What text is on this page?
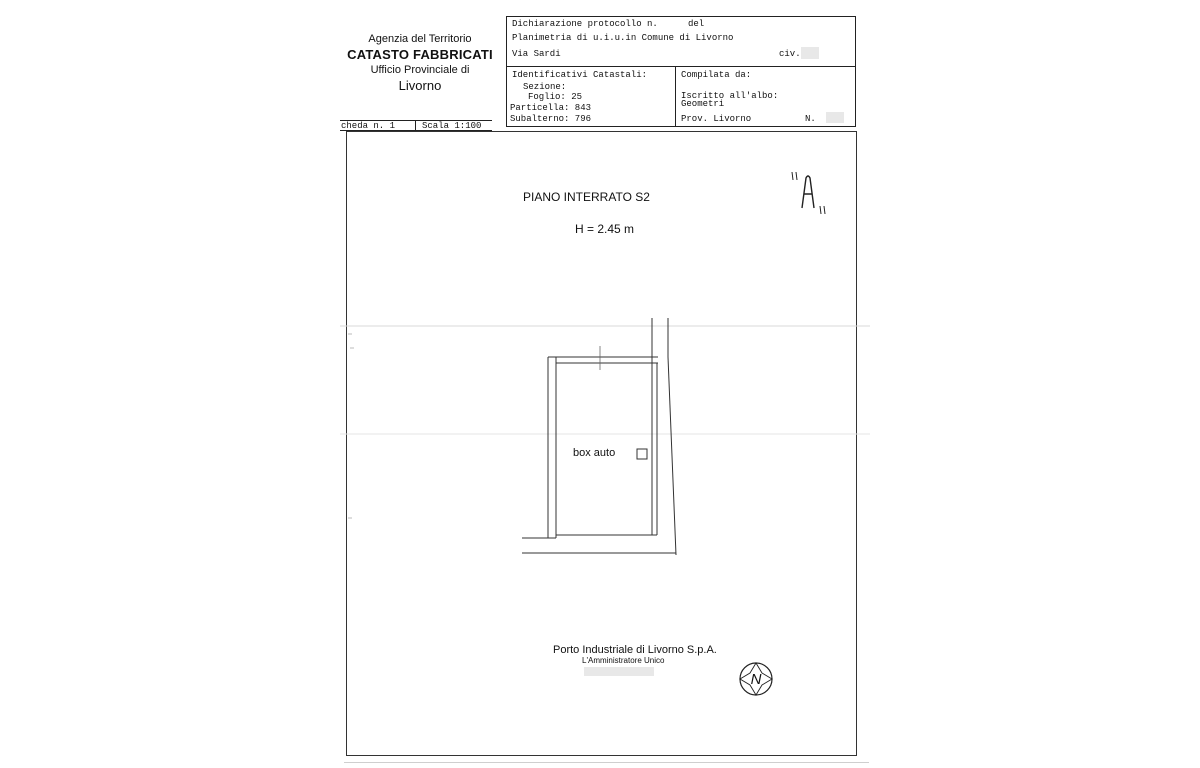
Agenzia del Territorio
CATASTO FABBRICATI
Ufficio Provinciale di
Livorno
Dichiarazione protocollo n.	del
Planimetria di u.i.u.in Comune di Livorno
Via Sardi	civ.
Identificativi Catastali:
Sezione:
Foglio: 25
Particella: 843
Subalterno: 796
Compilata da:
Iscritto all'albo:
Geometri
Prov. Livorno	N.
cheda n. 1	Scala 1:100
PIANO INTERRATO S2
H = 2.45 m
box auto
Porto Industriale di Livorno S.p.A.
L'Amministratore Unico
N
